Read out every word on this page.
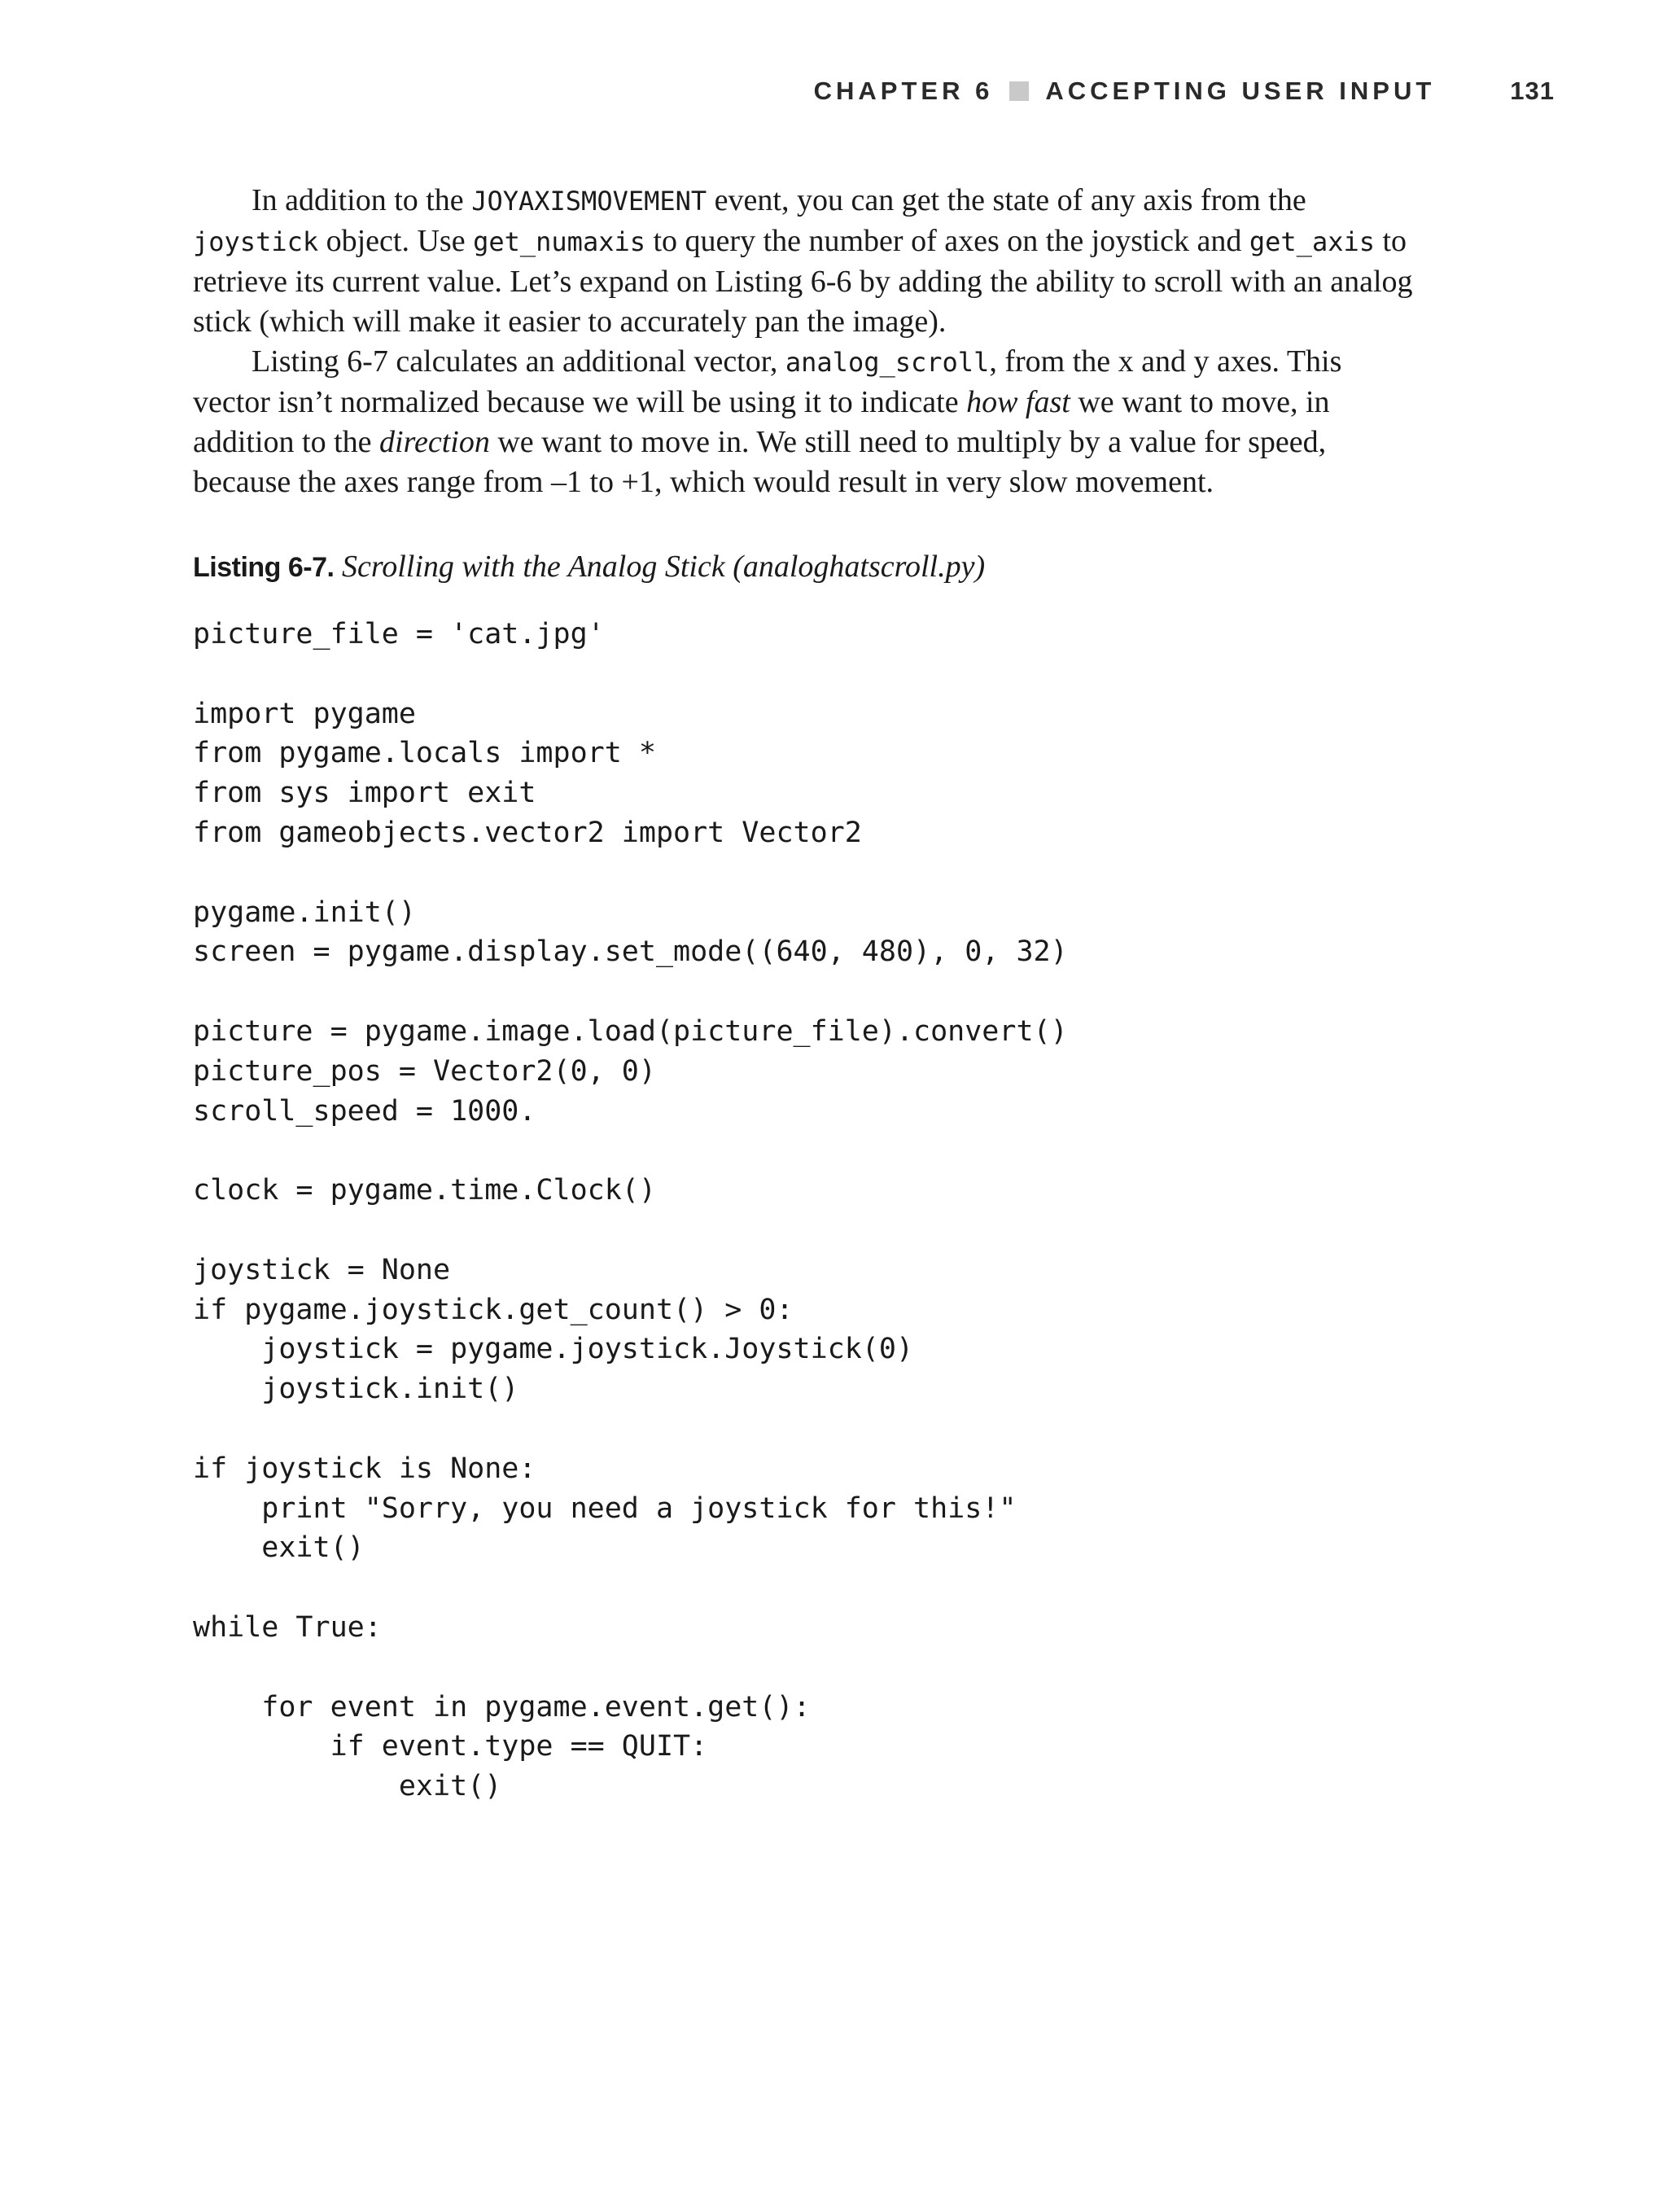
CHAPTER 6 ACCEPTING USER INPUT	131

In addition to the JOYAXISMOVEMENT event, you can get the state of any axis from the joystick object. Use get_numaxis to query the number of axes on the joystick and get_axis to retrieve its current value. Let’s expand on Listing 6-6 by adding the ability to scroll with an analog stick (which will make it easier to accurately pan the image).

Listing 6-7 calculates an additional vector, analog_scroll, from the x and y axes. This vector isn’t normalized because we will be using it to indicate how fast we want to move, in addition to the direction we want to move in. We still need to multiply by a value for speed, because the axes range from –1 to +1, which would result in very slow movement.

Listing 6-7. Scrolling with the Analog Stick (analoghatscroll.py)
picture_file = 'cat.jpg'
import pygame
from pygame.locals import *
from sys import exit
from gameobjects.vector2 import Vector2
pygame.init()
screen = pygame.display.set_mode((640, 480), 0, 32)
picture = pygame.image.load(picture_file).convert()
picture_pos = Vector2(0, 0)
scroll_speed = 1000.
clock = pygame.time.Clock()
joystick = None
if pygame.joystick.get_count() > 0:
joystick = pygame.joystick.Joystick(0)
joystick.init()
if joystick is None:
print "Sorry, you need a joystick for this!"
exit()
while True:
for event in pygame.event.get():
if event.type == QUIT:
exit()
